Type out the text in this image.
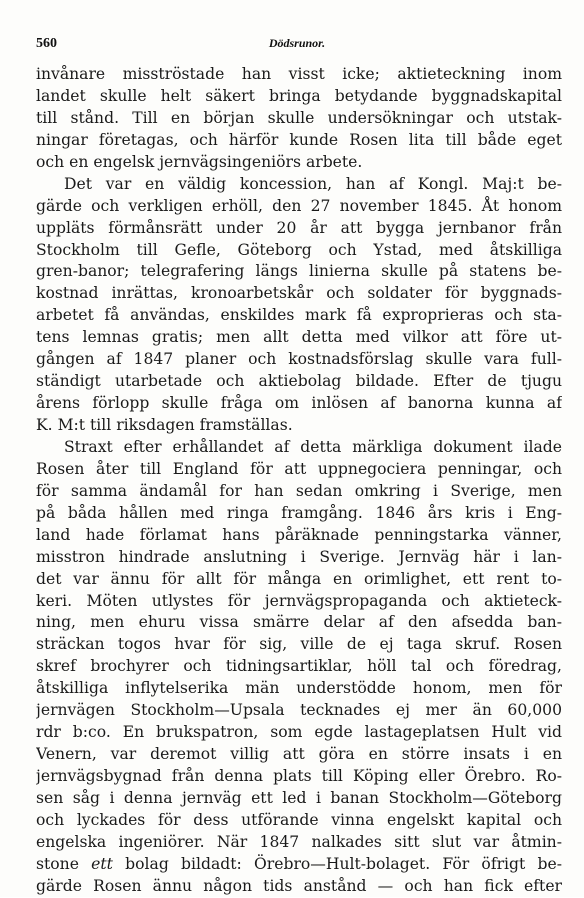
560	Dödsrunor.
invånare misströstade han visst icke; aktieteckning inom
landet skulle helt säkert bringa betydande byggnadskapital
till stånd. Till en början skulle undersökningar och utstak-
ningar företagas, och härför kunde Rosen lita till både eget
och en engelsk jernvägsingeniörs arbete.
Det var en väldig koncession, han af Kongl. Maj:t be-
gärde och verkligen erhöll, den 27 november 1845. Åt honom
uppläts förmånsrätt under 20 år att bygga jernbanor från
Stockholm till Gefle, Göteborg och Ystad, med åtskilliga
gren-banor; telegrafering längs linierna skulle på statens be-
kostnad inrättas, kronoarbetskår och soldater för byggnads-
arbetet få användas, enskildes mark få exproprieras och sta-
tens lemnas gratis; men allt detta med vilkor att före ut-
gången af 1847 planer och kostnadsförslag skulle vara full-
ständigt utarbetade och aktiebolag bildade. Efter de tjugu
årens förlopp skulle fråga om inlösen af banorna kunna af
K. M:t till riksdagen framställas.
Straxt efter erhållandet af detta märkliga dokument ilade
Rosen åter till England för att uppnegociera penningar, och
för samma ändamål for han sedan omkring i Sverige, men
på båda hållen med ringa framgång. 1846 års kris i Eng-
land hade förlamat hans påräknade penningstarka vänner,
misstron hindrade anslutning i Sverige. Jernväg här i lan-
det var ännu för allt för många en orimlighet, ett rent to-
keri. Möten utlystes för jernvägspropaganda och aktieteck-
ning, men ehuru vissa smärre delar af den afsedda ban-
sträckan togos hvar för sig, ville de ej taga skruf. Rosen
skref brochyrer och tidningsartiklar, höll tal och föredrag,
åtskilliga inflytelserika män understödde honom, men för
jernvägen Stockholm—Upsala tecknades ej mer än 60,000
rdr b:co. En brukspatron, som egde lastageplatsen Hult vid
Venern, var deremot villig att göra en större insats i en
jernvägsbygnad från denna plats till Köping eller Örebro. Ro-
sen såg i denna jernväg ett led i banan Stockholm—Göteborg
och lyckades för dess utförande vinna engelskt kapital och
engelska ingeniörer. När 1847 nalkades sitt slut var åtmin-
stone ett bolag bildadt: Örebro—Hult-bolaget. För öfrigt be-
gärde Rosen ännu någon tids anstånd — och han fick efter
